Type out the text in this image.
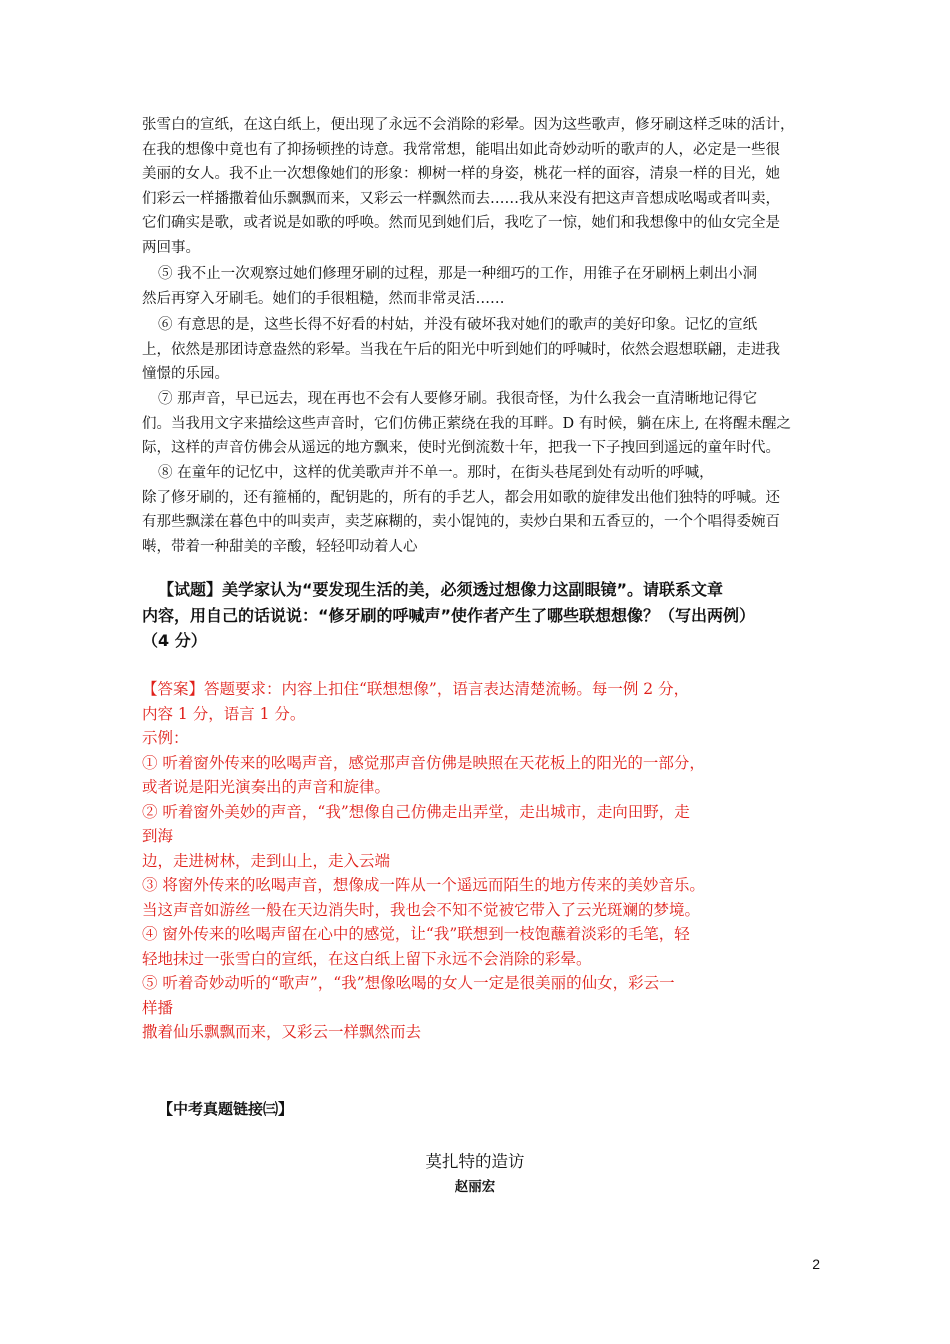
张雪白的宣纸，在这白纸上，便出现了永远不会消除的彩晕。因为这些歌声，修牙刷这样乏味的活计，
在我的想像中竟也有了抑扬顿挫的诗意。我常常想，能唱出如此奇妙动听的歌声的人，必定是一些很
美丽的女人。我不止一次想像她们的形象：柳树一样的身姿，桃花一样的面容，清泉一样的目光，她
们彩云一样播撒着仙乐飘飘而来，又彩云一样飘然而去……我从来没有把这声音想成吆喝或者叫卖，
它们确实是歌，或者说是如歌的呼唤。然而见到她们后，我吃了一惊，她们和我想像中的仙女完全是
两回事。
⑤ 我不止一次观察过她们修理牙刷的过程，那是一种细巧的工作，用锥子在牙刷柄上刺出小洞
然后再穿入牙刷毛。她们的手很粗糙，然而非常灵活……
⑥ 有意思的是，这些长得不好看的村姑，并没有破坏我对她们的歌声的美好印象。记忆的宣纸
上，依然是那团诗意盎然的彩晕。当我在午后的阳光中听到她们的呼喊时，依然会遐想联翩，走进我
憧憬的乐园。
⑦ 那声音，早已远去，现在再也不会有人要修牙刷。我很奇怪，为什么我会一直清晰地记得它
们。当我用文字来描绘这些声音时，它们仿佛正萦绕在我的耳畔。D 有时候，躺在床上, 在将醒未醒之
际，这样的声音仿佛会从遥远的地方飘来，使时光倒流数十年，把我一下子拽回到遥远的童年时代。
⑧ 在童年的记忆中，这样的优美歌声并不单一。那时，在街头巷尾到处有动听的呼喊，
除了修牙刷的，还有箍桶的，配钥匙的，所有的手艺人，都会用如歌的旋律发出他们独特的呼喊。还
有那些飘漾在暮色中的叫卖声，卖芝麻糊的，卖小馄饨的，卖炒白果和五香豆的，一个个唱得委婉百
啭，带着一种甜美的辛酸，轻轻叩动着人心
【试题】美学家认为“要发现生活的美，必须透过想像力这副眼镜”。请联系文章
内容，用自己的话说说：“修牙刷的呼喊声”使作者产生了哪些联想想像？（写出两例）
（4 分）
【答案】答题要求：内容上扣住“联想想像”，语言表达清楚流畅。每一例 2 分，
内容 1 分，语言 1 分。
示例：
① 听着窗外传来的吆喝声音，感觉那声音仿佛是映照在天花板上的阳光的一部分，
或者说是阳光演奏出的声音和旋律。
② 听着窗外美妙的声音，“我”想像自己仿佛走出弄堂，走出城市，走向田野，走
到海
边，走进树林，走到山上，走入云端
③ 将窗外传来的吆喝声音，想像成一阵从一个遥远而陌生的地方传来的美妙音乐。
当这声音如游丝一般在天边消失时，我也会不知不觉被它带入了云光斑斓的梦境。
④ 窗外传来的吆喝声留在心中的感觉，让“我”联想到一枝饱蘸着淡彩的毛笔，轻
轻地抹过一张雪白的宣纸，在这白纸上留下永远不会消除的彩晕。
⑤ 听着奇妙动听的“歌声”，“我”想像吆喝的女人一定是很美丽的仙女，彩云一
样播
撒着仙乐飘飘而来，又彩云一样飘然而去
【中考真题链接㈢】
莫扎特的造访
赵丽宏
2
